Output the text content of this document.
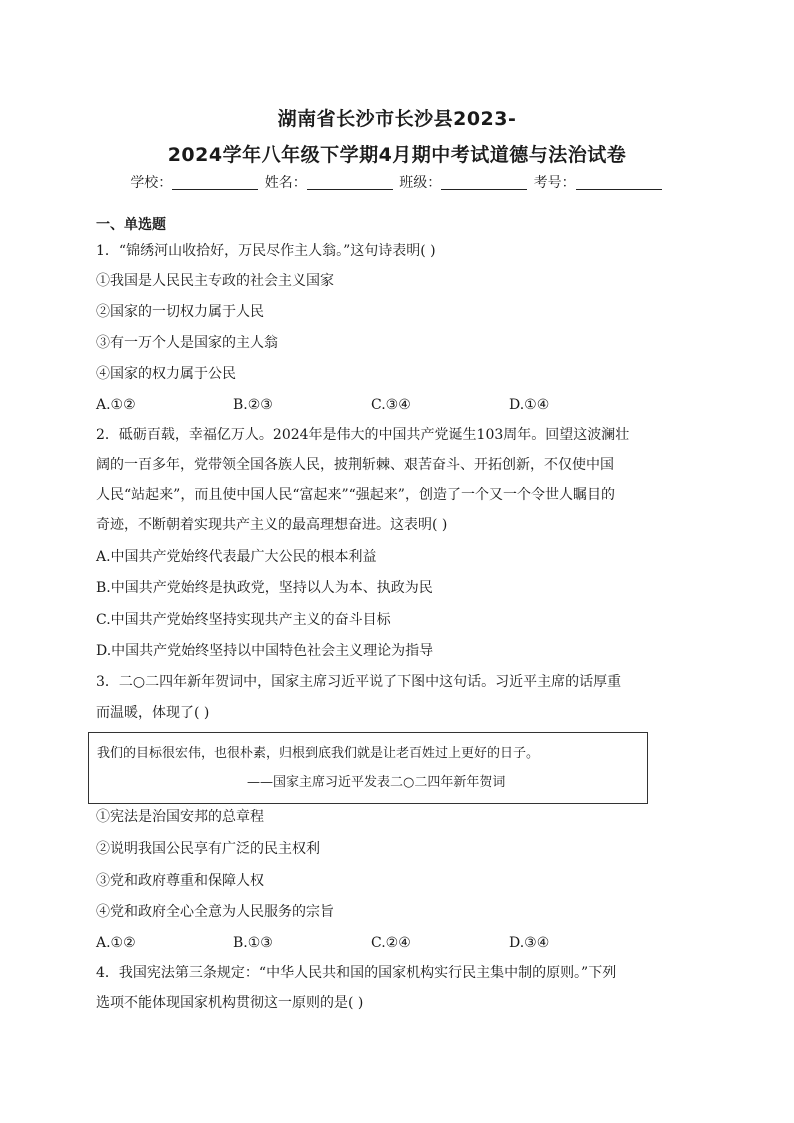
湖南省长沙市长沙县2023-
2024学年八年级下学期4月期中考试道德与法治试卷
学校：	姓名：	班级：	考号：
一、单选题
1．“锦绣河山收拾好，万民尽作主人翁。”这句诗表明( )
①我国是人民民主专政的社会主义国家
②国家的一切权力属于人民
③有一万个人是国家的主人翁
④国家的权力属于公民
A.①②	B.②③	C.③④	D.①④
2．砥砺百载，幸福亿万人。2024年是伟大的中国共产党诞生103周年。回望这波澜壮
阔的一百多年，党带领全国各族人民，披荆斩棘、艰苦奋斗、开拓创新，不仅使中国
人民“站起来”，而且使中国人民“富起来”“强起来”，创造了一个又一个令世人瞩目的
奇迹，不断朝着实现共产主义的最高理想奋进。这表明( )
A.中国共产党始终代表最广大公民的根本利益
B.中国共产党始终是执政党，坚持以人为本、执政为民
C.中国共产党始终坚持实现共产主义的奋斗目标
D.中国共产党始终坚持以中国特色社会主义理论为指导
3．二○二四年新年贺词中，国家主席习近平说了下图中这句话。习近平主席的话厚重
而温暖，体现了( )
我们的目标很宏伟，也很朴素，归根到底我们就是让老百姓过上更好的日子。
——国家主席习近平发表二○二四年新年贺词
①宪法是治国安邦的总章程
②说明我国公民享有广泛的民主权利
③党和政府尊重和保障人权
④党和政府全心全意为人民服务的宗旨
A.①②	B.①③	C.②④	D.③④
4．我国宪法第三条规定：“中华人民共和国的国家机构实行民主集中制的原则。”下列
选项不能体现国家机构贯彻这一原则的是( )
